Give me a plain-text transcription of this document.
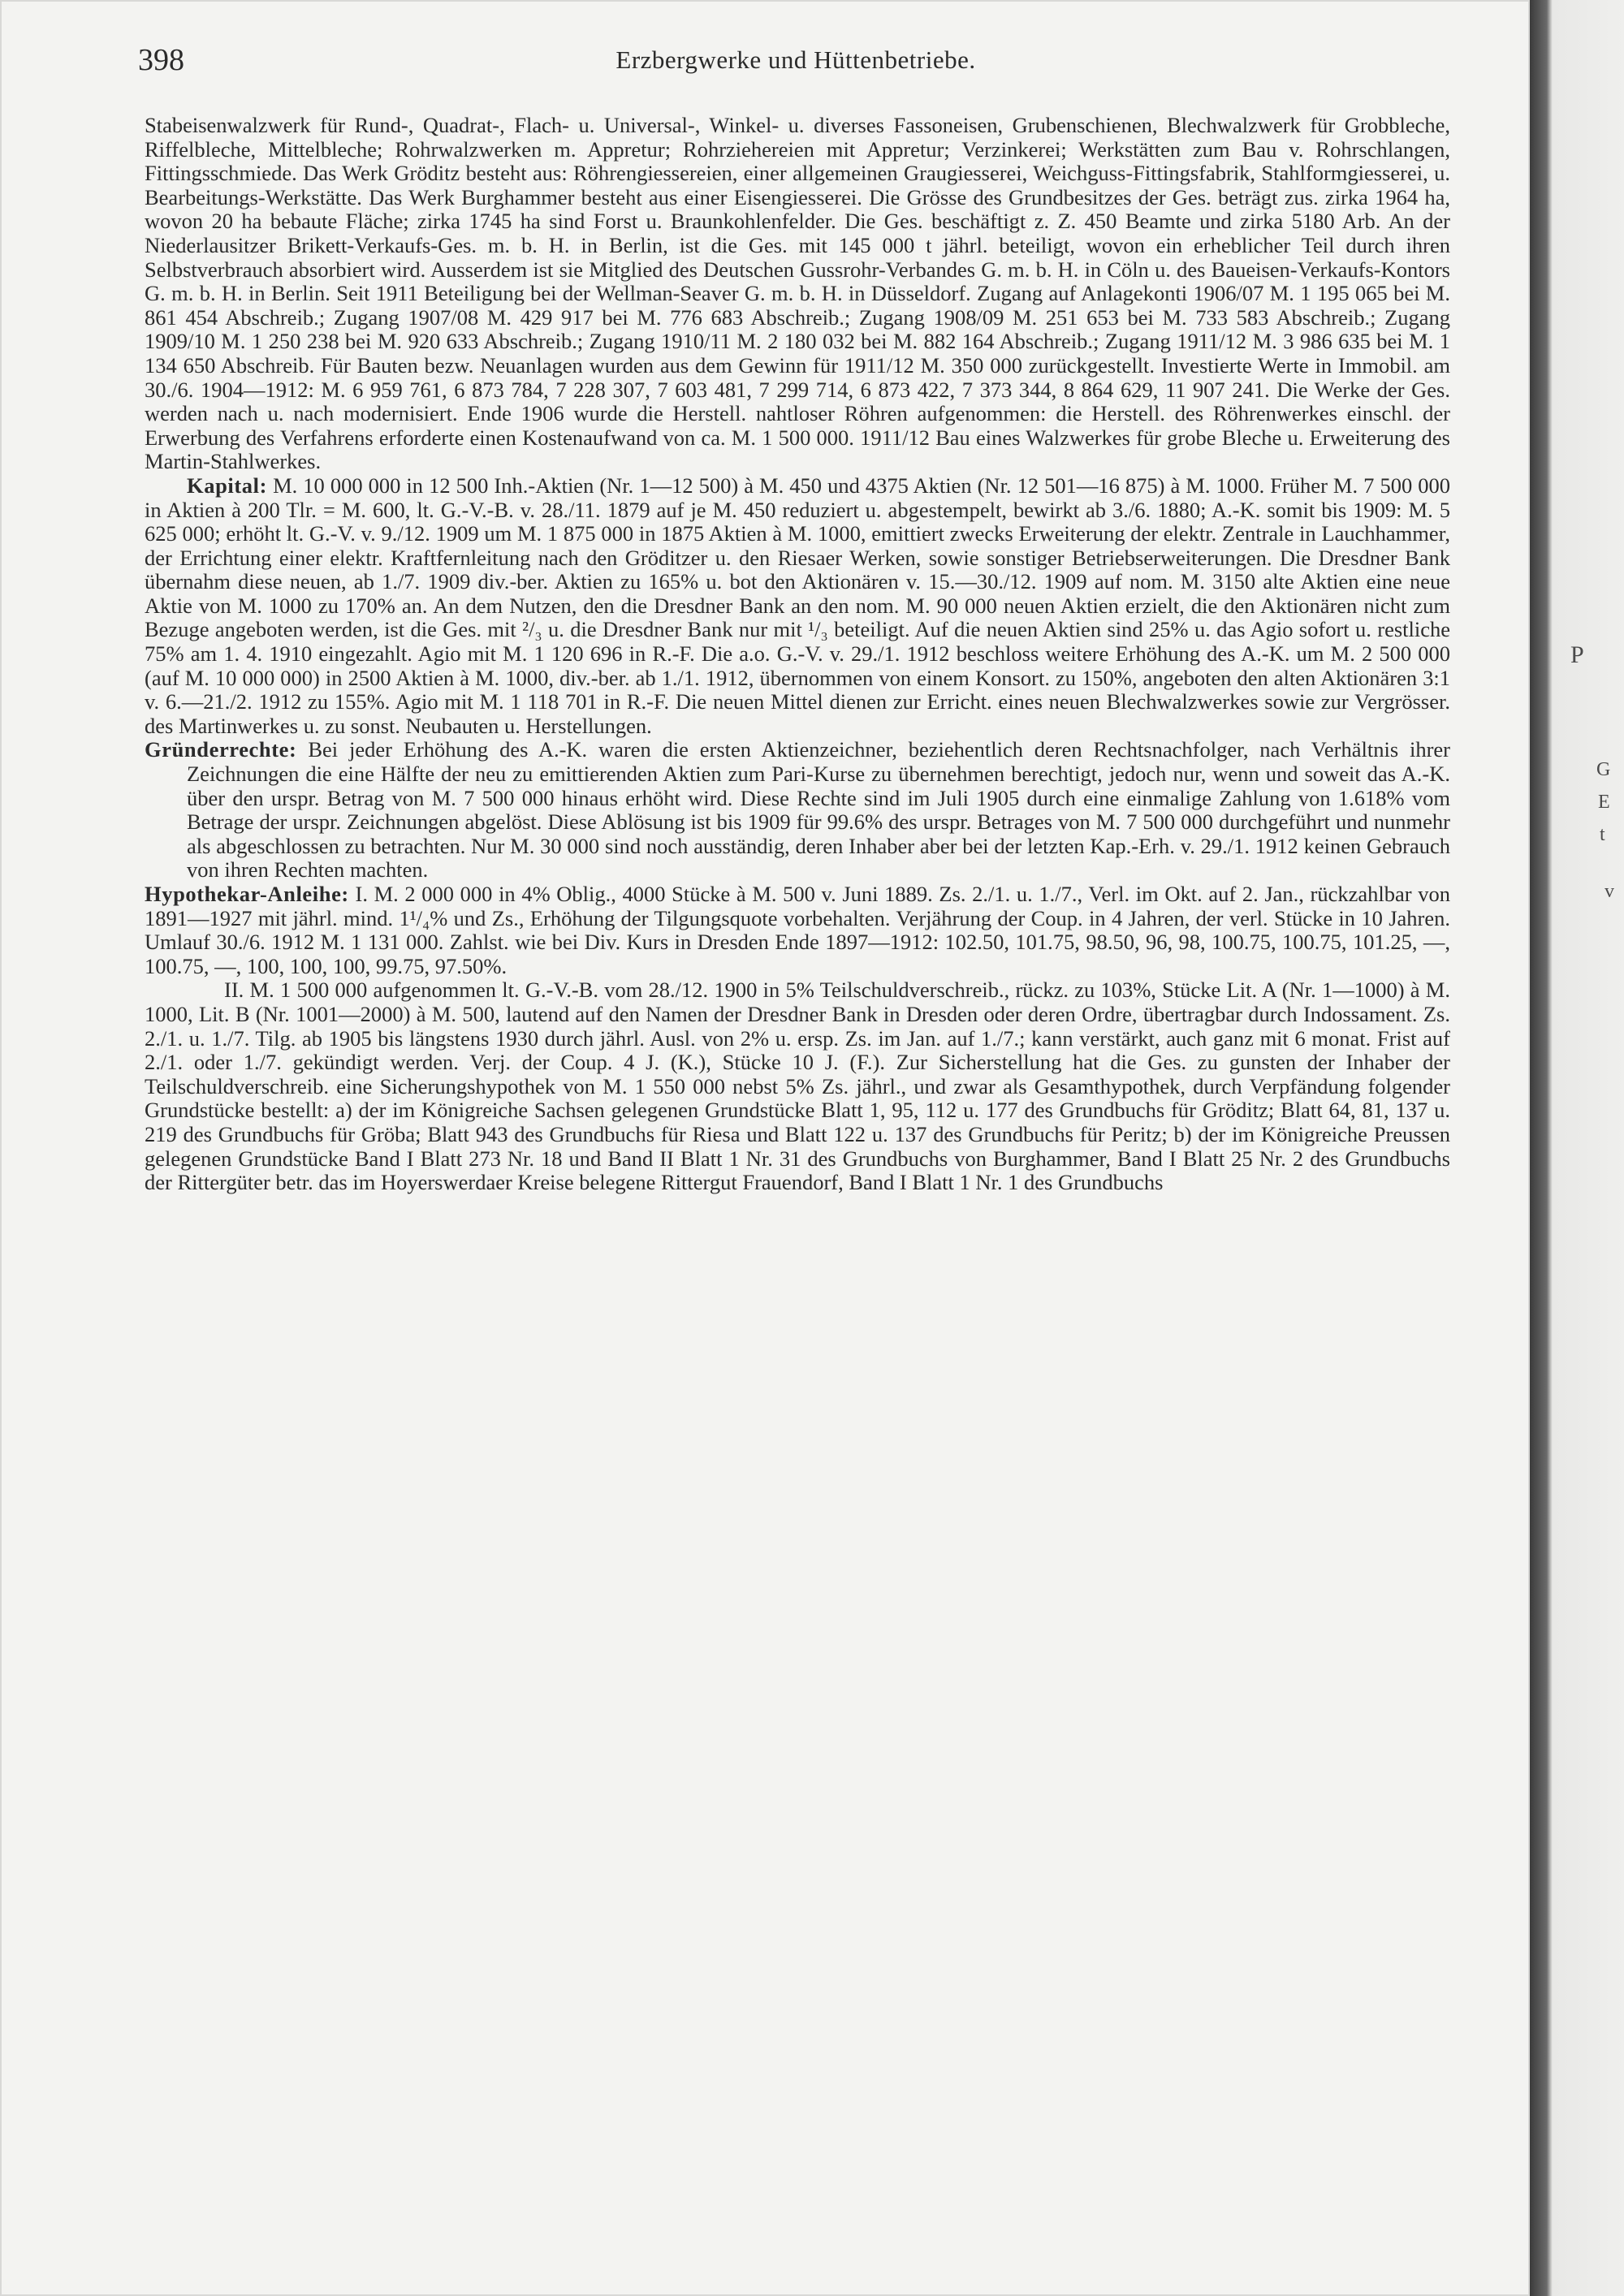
398	Erzbergwerke und Hüttenbetriebe.

Stabeisenwalzwerk für Rund-, Quadrat-, Flach- u. Universal-, Winkel- u. diverses Fassoneisen, Grubenschienen, Blechwalzwerk für Grobbleche, Riffelbleche, Mittelbleche; Rohrwalzwerken m. Appretur; Rohrziehereien mit Appretur; Verzinkerei; Werkstätten zum Bau v. Rohrschlangen, Fittingsschmiede. Das Werk Gröditz besteht aus: Röhrengiessereien, einer allgemeinen Graugiesserei, Weichguss-Fittingsfabrik, Stahlformgiesserei, u. Bearbeitungs-Werkstätte. Das Werk Burghammer besteht aus einer Eisengiesserei. Die Grösse des Grundbesitzes der Ges. beträgt zus. zirka 1964 ha, wovon 20 ha bebaute Fläche; zirka 1745 ha sind Forst u. Braunkohlenfelder. Die Ges. beschäftigt z. Z. 450 Beamte und zirka 5180 Arb. An der Niederlausitzer Brikett-Verkaufs-Ges. m. b. H. in Berlin, ist die Ges. mit 145 000 t jährl. beteiligt, wovon ein erheblicher Teil durch ihren Selbstverbrauch absorbiert wird. Ausserdem ist sie Mitglied des Deutschen Gussrohr-Verbandes G. m. b. H. in Cöln u. des Baueisen-Verkaufs-Kontors G. m. b. H. in Berlin. Seit 1911 Beteiligung bei der Wellman-Seaver G. m. b. H. in Düsseldorf. Zugang auf Anlagekonti 1906/07 M. 1 195 065 bei M. 861 454 Abschreib.; Zugang 1907/08 M. 429 917 bei M. 776 683 Abschreib.; Zugang 1908/09 M. 251 653 bei M. 733 583 Abschreib.; Zugang 1909/10 M. 1 250 238 bei M. 920 633 Abschreib.; Zugang 1910/11 M. 2 180 032 bei M. 882 164 Abschreib.; Zugang 1911/12 M. 3 986 635 bei M. 1 134 650 Abschreib. Für Bauten bezw. Neuanlagen wurden aus dem Gewinn für 1911/12 M. 350 000 zurückgestellt. Investierte Werte in Immobil. am 30./6. 1904—1912: M. 6 959 761, 6 873 784, 7 228 307, 7 603 481, 7 299 714, 6 873 422, 7 373 344, 8 864 629, 11 907 241. Die Werke der Ges. werden nach u. nach modernisiert. Ende 1906 wurde die Herstell. nahtloser Röhren aufgenommen: die Herstell. des Röhrenwerkes einschl. der Erwerbung des Verfahrens erforderte einen Kostenaufwand von ca. M. 1 500 000. 1911/12 Bau eines Walzwerkes für grobe Bleche u. Erweiterung des Martin-Stahlwerkes.

Kapital: M. 10 000 000 in 12 500 Inh.-Aktien (Nr. 1—12 500) à M. 450 und 4375 Aktien (Nr. 12 501—16 875) à M. 1000. Früher M. 7 500 000 in Aktien à 200 Tlr. = M. 600, lt. G.-V.-B. v. 28./11. 1879 auf je M. 450 reduziert u. abgestempelt, bewirkt ab 3./6. 1880; A.-K. somit bis 1909: M. 5 625 000; erhöht lt. G.-V. v. 9./12. 1909 um M. 1 875 000 in 1875 Aktien à M. 1000, emittiert zwecks Erweiterung der elektr. Zentrale in Lauchhammer, der Errichtung einer elektr. Kraftfernleitung nach den Gröditzer u. den Riesaer Werken, sowie sonstiger Betriebserweiterungen. Die Dresdner Bank übernahm diese neuen, ab 1./7. 1909 div.-ber. Aktien zu 165% u. bot den Aktionären v. 15.—30./12. 1909 auf nom. M. 3150 alte Aktien eine neue Aktie von M. 1000 zu 170% an. An dem Nutzen, den die Dresdner Bank an den nom. M. 90 000 neuen Aktien erzielt, die den Aktionären nicht zum Bezuge angeboten werden, ist die Ges. mit ²/₃ u. die Dresdner Bank nur mit ¹/₃ beteiligt. Auf die neuen Aktien sind 25% u. das Agio sofort u. restliche 75% am 1. 4. 1910 eingezahlt. Agio mit M. 1 120 696 in R.-F. Die a.o. G.-V. v. 29./1. 1912 beschloss weitere Erhöhung des A.-K. um M. 2 500 000 (auf M. 10 000 000) in 2500 Aktien à M. 1000, div.-ber. ab 1./1. 1912, übernommen von einem Konsort. zu 150%, angeboten den alten Aktionären 3:1 v. 6.—21./2. 1912 zu 155%. Agio mit M. 1 118 701 in R.-F. Die neuen Mittel dienen zur Erricht. eines neuen Blechwalzwerkes sowie zur Vergrösser. des Martinwerkes u. zu sonst. Neubauten u. Herstellungen.

Gründerrechte: Bei jeder Erhöhung des A.-K. waren die ersten Aktienzeichner, beziehentlich deren Rechtsnachfolger, nach Verhältnis ihrer Zeichnungen die eine Hälfte der neu zu emittierenden Aktien zum Pari-Kurse zu übernehmen berechtigt, jedoch nur, wenn und soweit das A.-K. über den urspr. Betrag von M. 7 500 000 hinaus erhöht wird. Diese Rechte sind im Juli 1905 durch eine einmalige Zahlung von 1.618% vom Betrage der urspr. Zeichnungen abgelöst. Diese Ablösung ist bis 1909 für 99.6% des urspr. Betrages von M. 7 500 000 durchgeführt und nunmehr als abgeschlossen zu betrachten. Nur M. 30 000 sind noch ausständig, deren Inhaber aber bei der letzten Kap.-Erh. v. 29./1. 1912 keinen Gebrauch von ihren Rechten machten.

Hypothekar-Anleihe: I. M. 2 000 000 in 4% Oblig., 4000 Stücke à M. 500 v. Juni 1889. Zs. 2./1. u. 1./7., Verl. im Okt. auf 2. Jan., rückzahlbar von 1891—1927 mit jährl. mind. 1¹/₄% und Zs., Erhöhung der Tilgungsquote vorbehalten. Verjährung der Coup. in 4 Jahren, der verl. Stücke in 10 Jahren. Umlauf 30./6. 1912 M. 1 131 000. Zahlst. wie bei Div. Kurs in Dresden Ende 1897—1912: 102.50, 101.75, 98.50, 96, 98, 100.75, 100.75, 101.25, —, 100.75, —, 100, 100, 100, 99.75, 97.50%.

II. M. 1 500 000 aufgenommen lt. G.-V.-B. vom 28./12. 1900 in 5% Teilschuldverschreib., rückz. zu 103%, Stücke Lit. A (Nr. 1—1000) à M. 1000, Lit. B (Nr. 1001—2000) à M. 500, lautend auf den Namen der Dresdner Bank in Dresden oder deren Ordre, übertragbar durch Indossament. Zs. 2./1. u. 1./7. Tilg. ab 1905 bis längstens 1930 durch jährl. Ausl. von 2% u. ersp. Zs. im Jan. auf 1./7.; kann verstärkt, auch ganz mit 6 monat. Frist auf 2./1. oder 1./7. gekündigt werden. Verj. der Coup. 4 J. (K.), Stücke 10 J. (F.). Zur Sicherstellung hat die Ges. zu gunsten der Inhaber der Teilschuldverschreib. eine Sicherungshypothek von M. 1 550 000 nebst 5% Zs. jährl., und zwar als Gesamthypothek, durch Verpfändung folgender Grundstücke bestellt: a) der im Königreiche Sachsen gelegenen Grundstücke Blatt 1, 95, 112 u. 177 des Grundbuchs für Gröditz; Blatt 64, 81, 137 u. 219 des Grundbuchs für Gröba; Blatt 943 des Grundbuchs für Riesa und Blatt 122 u. 137 des Grundbuchs für Peritz; b) der im Königreiche Preussen gelegenen Grundstücke Band I Blatt 273 Nr. 18 und Band II Blatt 1 Nr. 31 des Grundbuchs von Burghammer, Band I Blatt 25 Nr. 2 des Grundbuchs der Rittergüter betr. das im Hoyerswerdaer Kreise belegene Rittergut Frauendorf, Band I Blatt 1 Nr. 1 des Grundbuchs

P
G
E
t
v
